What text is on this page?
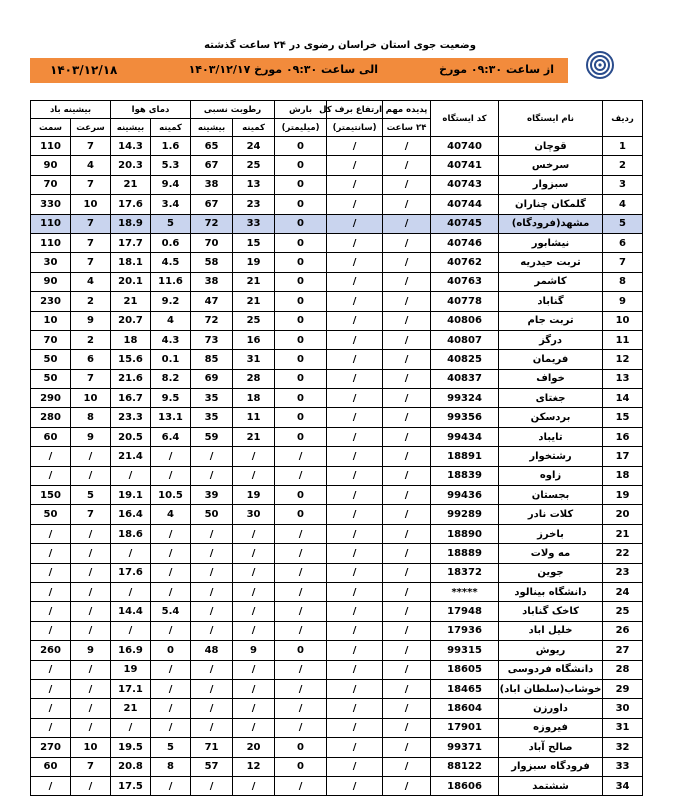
وضعیت جوی استان خراسان رضوی در ۲۴ ساعت گذشته
از ساعت ۰۹:۳۰ مورخ
۱۴۰۳/۱۲/۱۷ الی ساعت ۰۹:۳۰ مورخ
۱۴۰۳/۱۲/۱۸
ردیف	نام ایستگاه	کد ایستگاه	پدیده مهم	ارتفاع برف کل	بارش	رطوبت نسبی		دمای هوا		بیشینه باد	
			۲۴ ساعت	(سانتیمتر)	(میلیمتر)	کمینه	بیشینه	کمینه	بیشینه	سرعت	سمت
1	قوچان	40740	/	/	0	24	65	1.6	14.3	7	110
2	سرخس	40741	/	/	0	25	67	5.3	20.3	4	90
3	سبزوار	40743	/	/	0	13	38	9.4	21	7	70
4	گلمکان چناران	40744	/	/	0	23	67	3.4	17.6	10	330
5	مشهد(فرودگاه)	40745	/	/	0	33	72	5	18.9	7	110
6	نیشابور	40746	/	/	0	15	70	0.6	17.7	7	110
7	تربت حیدریه	40762	/	/	0	19	58	4.5	18.1	7	30
8	کاشمر	40763	/	/	0	21	38	11.6	20.1	4	90
9	گناباد	40778	/	/	0	21	47	9.2	21	2	230
10	تربت جام	40806	/	/	0	25	72	4	20.7	9	10
11	درگز	40807	/	/	0	16	73	4.3	18	2	70
12	فریمان	40825	/	/	0	31	85	0.1	15.6	6	50
13	خواف	40837	/	/	0	28	69	8.2	21.6	7	50
14	جغتای	99324	/	/	0	18	35	9.5	16.7	10	290
15	بردسکن	99356	/	/	0	11	35	13.1	23.3	8	280
16	تایباد	99434	/	/	0	21	59	6.4	20.5	9	60
17	رشتخوار	18891	/	/	/	/	/	/	21.4	/	/
18	زاوه	18839	/	/	/	/	/	/	/	/	/
19	بجستان	99436	/	/	0	19	39	10.5	19.1	5	150
20	کلات نادر	99289	/	/	0	30	50	4	16.4	7	50
21	باخرز	18890	/	/	/	/	/	/	18.6	/	/
22	مه ولات	18889	/	/	/	/	/	/	/	/	/
23	جوین	18372	/	/	/	/	/	/	17.6	/	/
24	دانشگاه بینالود	*****	/	/	/	/	/	/	/	/	/
25	کاخک گناباد	17948	/	/	/	/	/	5.4	14.4	/	/
26	خلیل اباد	17936	/	/	/	/	/	/	/	/	/
27	ریوش	99315	/	/	0	9	48	0	16.9	9	260
28	دانشگاه فردوسی	18605	/	/	/	/	/	/	19	/	/
29	خوشاب(سلطان اباد)	18465	/	/	/	/	/	/	17.1	/	/
30	داورزن	18604	/	/	/	/	/	/	21	/	/
31	فیروزه	17901	/	/	/	/	/	/	/	/	/
32	صالح آباد	99371	/	/	0	20	71	5	19.5	10	270
33	فرودگاه سبزوار	88122	/	/	0	12	57	8	20.8	7	60
34	ششتمد	18606	/	/	/	/	/	/	17.5	/	/
